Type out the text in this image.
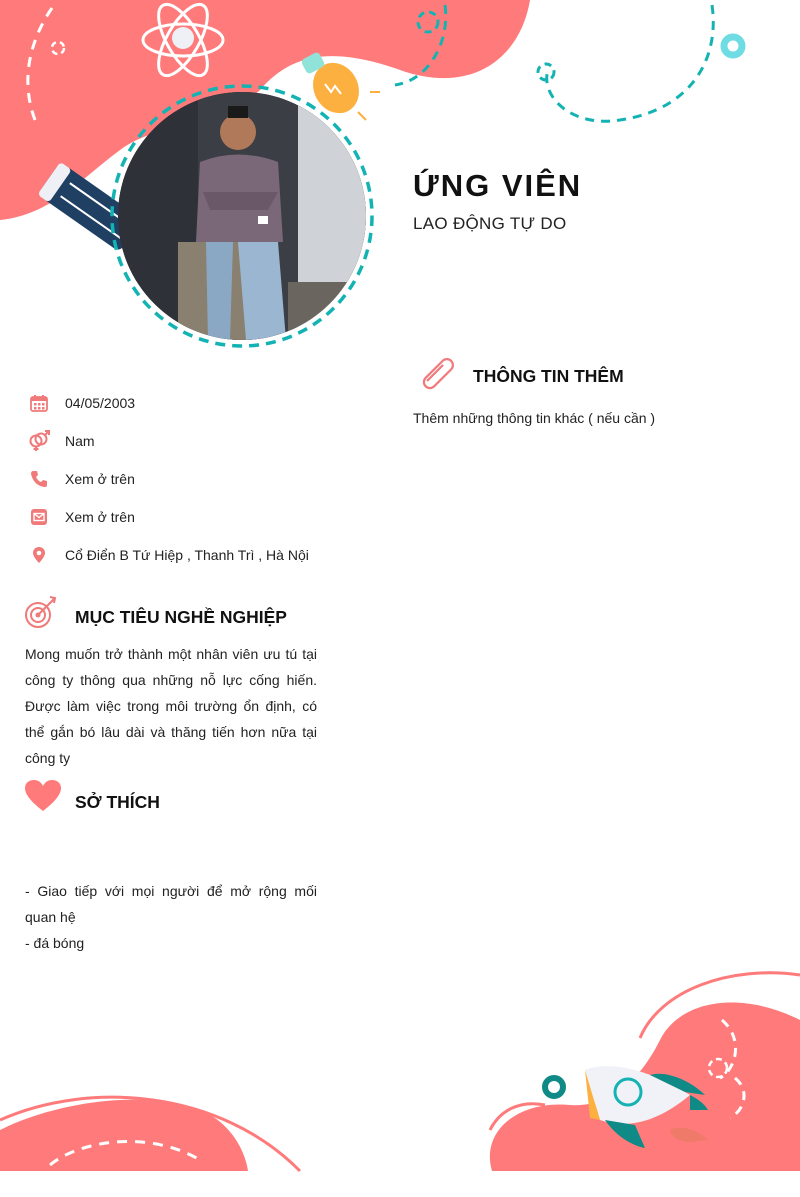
ỨNG VIÊN
LAO ĐỘNG TỰ DO
04/05/2003
Nam
Xem ở trên
Xem ở trên
Cổ Điển B Tứ Hiệp , Thanh Trì , Hà Nội
MỤC TIÊU NGHỀ NGHIỆP
Mong muốn trở thành một nhân viên ưu tú tại công ty thông qua những nỗ lực cống hiến. Được làm việc trong môi trường ổn định, có thể gắn bó lâu dài và thăng tiến hơn nữa tại công ty
SỞ THÍCH
- Giao tiếp với mọi người để mở rộng mối quan hệ
- đá bóng
THÔNG TIN THÊM
Thêm những thông tin khác ( nếu cần )
